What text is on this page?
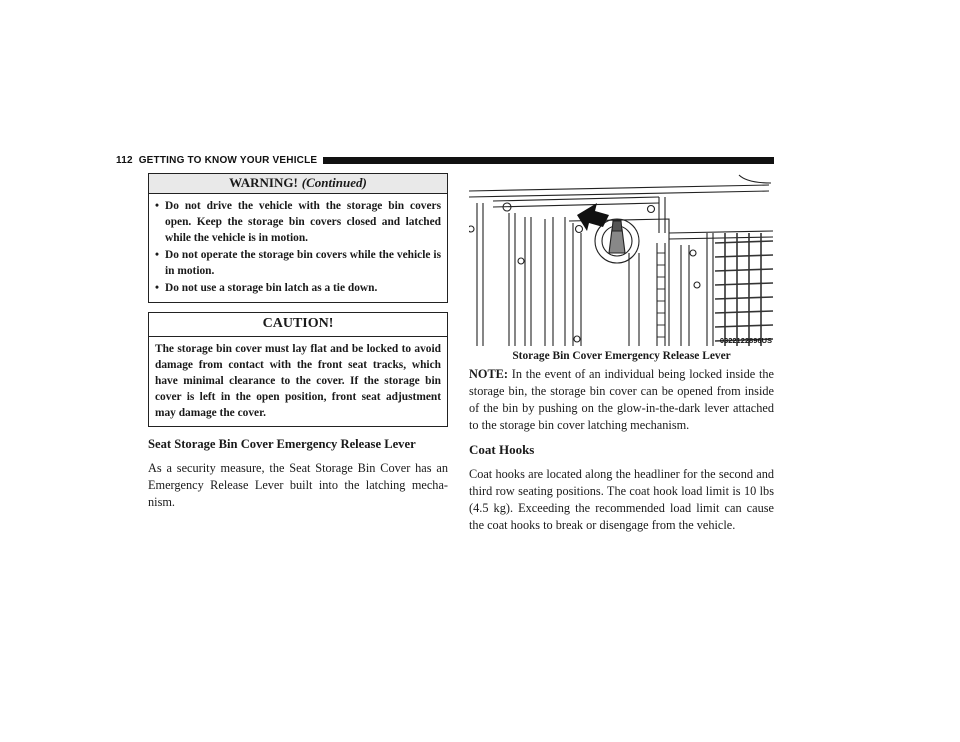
112 GETTING TO KNOW YOUR VEHICLE
WARNING! (Continued)
• Do not drive the vehicle with the storage bin covers open. Keep the storage bin covers closed and latched while the vehicle is in motion.
• Do not operate the storage bin covers while the vehicle is in motion.
• Do not use a storage bin latch as a tie down.
CAUTION!
The storage bin cover must lay flat and be locked to avoid damage from contact with the front seat tracks, which have minimal clearance to the cover. If the storage bin cover is left in the open position, front seat adjustment may damage the cover.
Seat Storage Bin Cover Emergency Release Lever

As a security measure, the Seat Storage Bin Cover has an Emergency Release Lever built into the latching mecha-nism.

0322122896US
Storage Bin Cover Emergency Release Lever

NOTE: In the event of an individual being locked inside the storage bin, the storage bin cover can be opened from inside of the bin by pushing on the glow-in-the-dark lever attached to the storage bin cover latching mechanism.

Coat Hooks

Coat hooks are located along the headliner for the second and third row seating positions. The coat hook load limit is 10 lbs (4.5 kg). Exceeding the recommended load limit can cause the coat hooks to break or disengage from the vehicle.
